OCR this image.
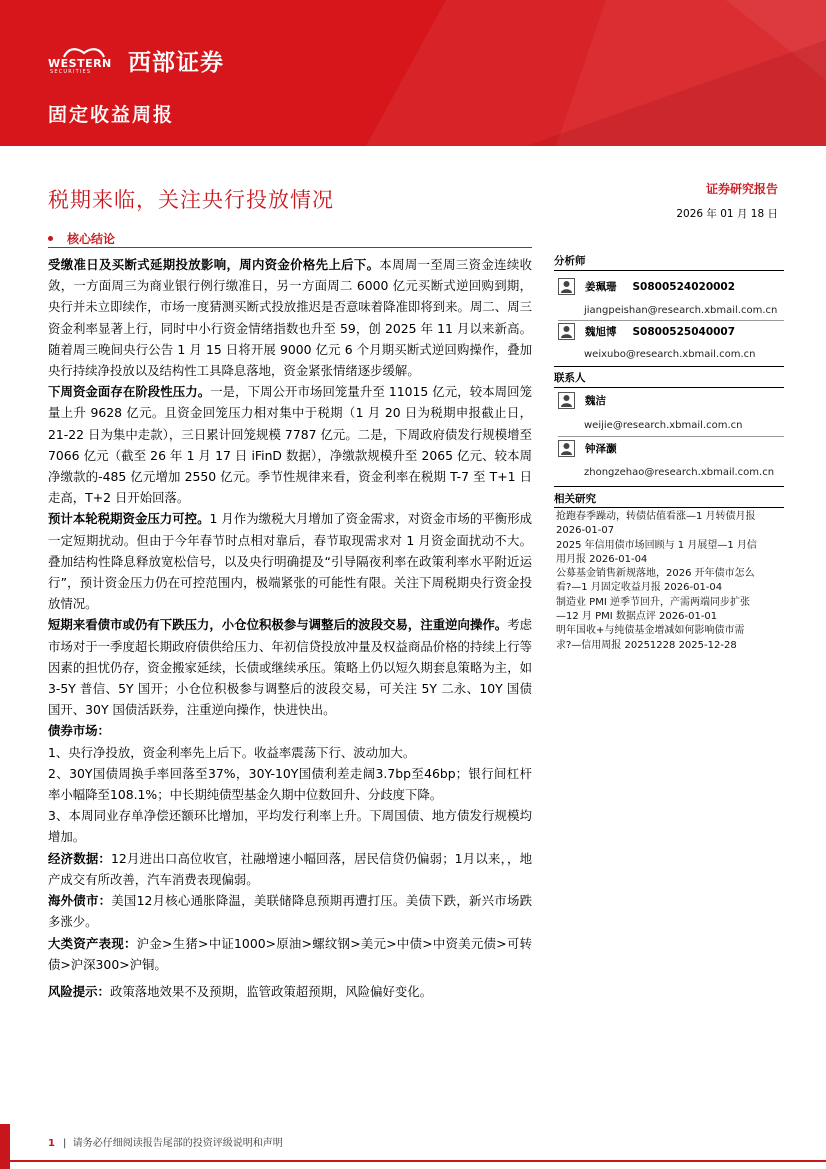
WESTERN
SECURITIES 西部证券
固定收益周报
税期来临，关注央行投放情况	证券研究报告
2026 年 01 月 18 日
核心结论

受缴准日及买断式延期投放影响，周内资金价格先上后下。本周周一至周三资金连续收敛，一方面周三为商业银行例行缴准日，另一方面周二 6000 亿元买断式逆回购到期，央行并未立即续作，市场一度猜测买断式投放推迟是否意味着降准即将到来。周二、周三资金利率显著上行，同时中小行资金情绪指数也升至 59，创 2025 年 11 月以来新高。随着周三晚间央行公告 1 月 15 日将开展 9000 亿元 6 个月期买断式逆回购操作，叠加央行持续净投放以及结构性工具降息落地，资金紧张情绪逐步缓解。

下周资金面存在阶段性压力。一是，下周公开市场回笼量升至 11015 亿元，较本周回笼量上升 9628 亿元。且资金回笼压力相对集中于税期（1 月 20 日为税期申报截止日，21-22 日为集中走款），三日累计回笼规模 7787 亿元。二是，下周政府债发行规模增至 7066 亿元（截至 26 年 1 月 17 日 iFinD 数据），净缴款规模升至 2065 亿元、较本周净缴款的-485 亿元增加 2550 亿元。季节性规律来看，资金利率在税期 T-7 至 T+1 日走高，T+2 日开始回落。

预计本轮税期资金压力可控。1 月作为缴税大月增加了资金需求，对资金市场的平衡形成一定短期扰动。但由于今年春节时点相对靠后，春节取现需求对 1 月资金面扰动不大。叠加结构性降息释放宽松信号，以及央行明确提及“引导隔夜利率在政策利率水平附近运行”，预计资金压力仍在可控范围内，极端紧张的可能性有限。关注下周税期央行资金投放情况。

短期来看债市或仍有下跌压力，小仓位积极参与调整后的波段交易，注重逆向操作。考虑市场对于一季度超长期政府债供给压力、年初信贷投放冲量及权益商品价格的持续上行等因素的担忧仍存，资金搬家延续，长债或继续承压。策略上仍以短久期套息策略为主，如 3-5Y 普信、5Y 国开；小仓位积极参与调整后的波段交易，可关注 5Y 二永、10Y 国债国开、30Y 国债活跃券，注重逆向操作，快进快出。

债券市场：

1、央行净投放，资金利率先上后下。收益率震荡下行、波动加大。

2、30Y国债周换手率回落至37%，30Y-10Y国债利差走阔3.7bp至46bp；银行间杠杆率小幅降至108.1%；中长期纯债型基金久期中位数回升、分歧度下降。

3、本周同业存单净偿还额环比增加，平均发行利率上升。下周国债、地方债发行规模均增加。

经济数据：12月进出口高位收官，社融增速小幅回落，居民信贷仍偏弱；1月以来，，地产成交有所改善，汽车消费表现偏弱。

海外债市：美国12月核心通胀降温，美联储降息预期再遭打压。美债下跌，新兴市场跌多涨少。

大类资产表现：沪金>生猪>中证1000>原油>螺纹钢>美元>中债>中资美元债>可转债>沪深300>沪铜。

风险提示：政策落地效果不及预期，监管政策超预期，风险偏好变化。

分析师
姜珮珊 S0800524020002
jiangpeishan@research.xbmail.com.cn
魏旭博 S0800525040007
weixubo@research.xbmail.com.cn
联系人
魏洁
weijie@research.xbmail.com.cn
钟泽灏
zhongzehao@research.xbmail.com.cn
相关研究
抢跑春季躁动，转债估值看涨—1 月转债月报
2026-01-07
2025 年信用债市场回顾与 1 月展望—1 月信
用月报 2026-01-04
公募基金销售新规落地，2026 开年债市怎么
看?—1 月固定收益月报 2026-01-04
制造业 PMI 逆季节回升，产需两端同步扩张
—12 月 PMI 数据点评 2026-01-01
明年国收+与纯债基金增减如何影响债市需
求?—信用周报 20251228 2025-12-28
1 |  请务必仔细阅读报告尾部的投资评级说明和声明
